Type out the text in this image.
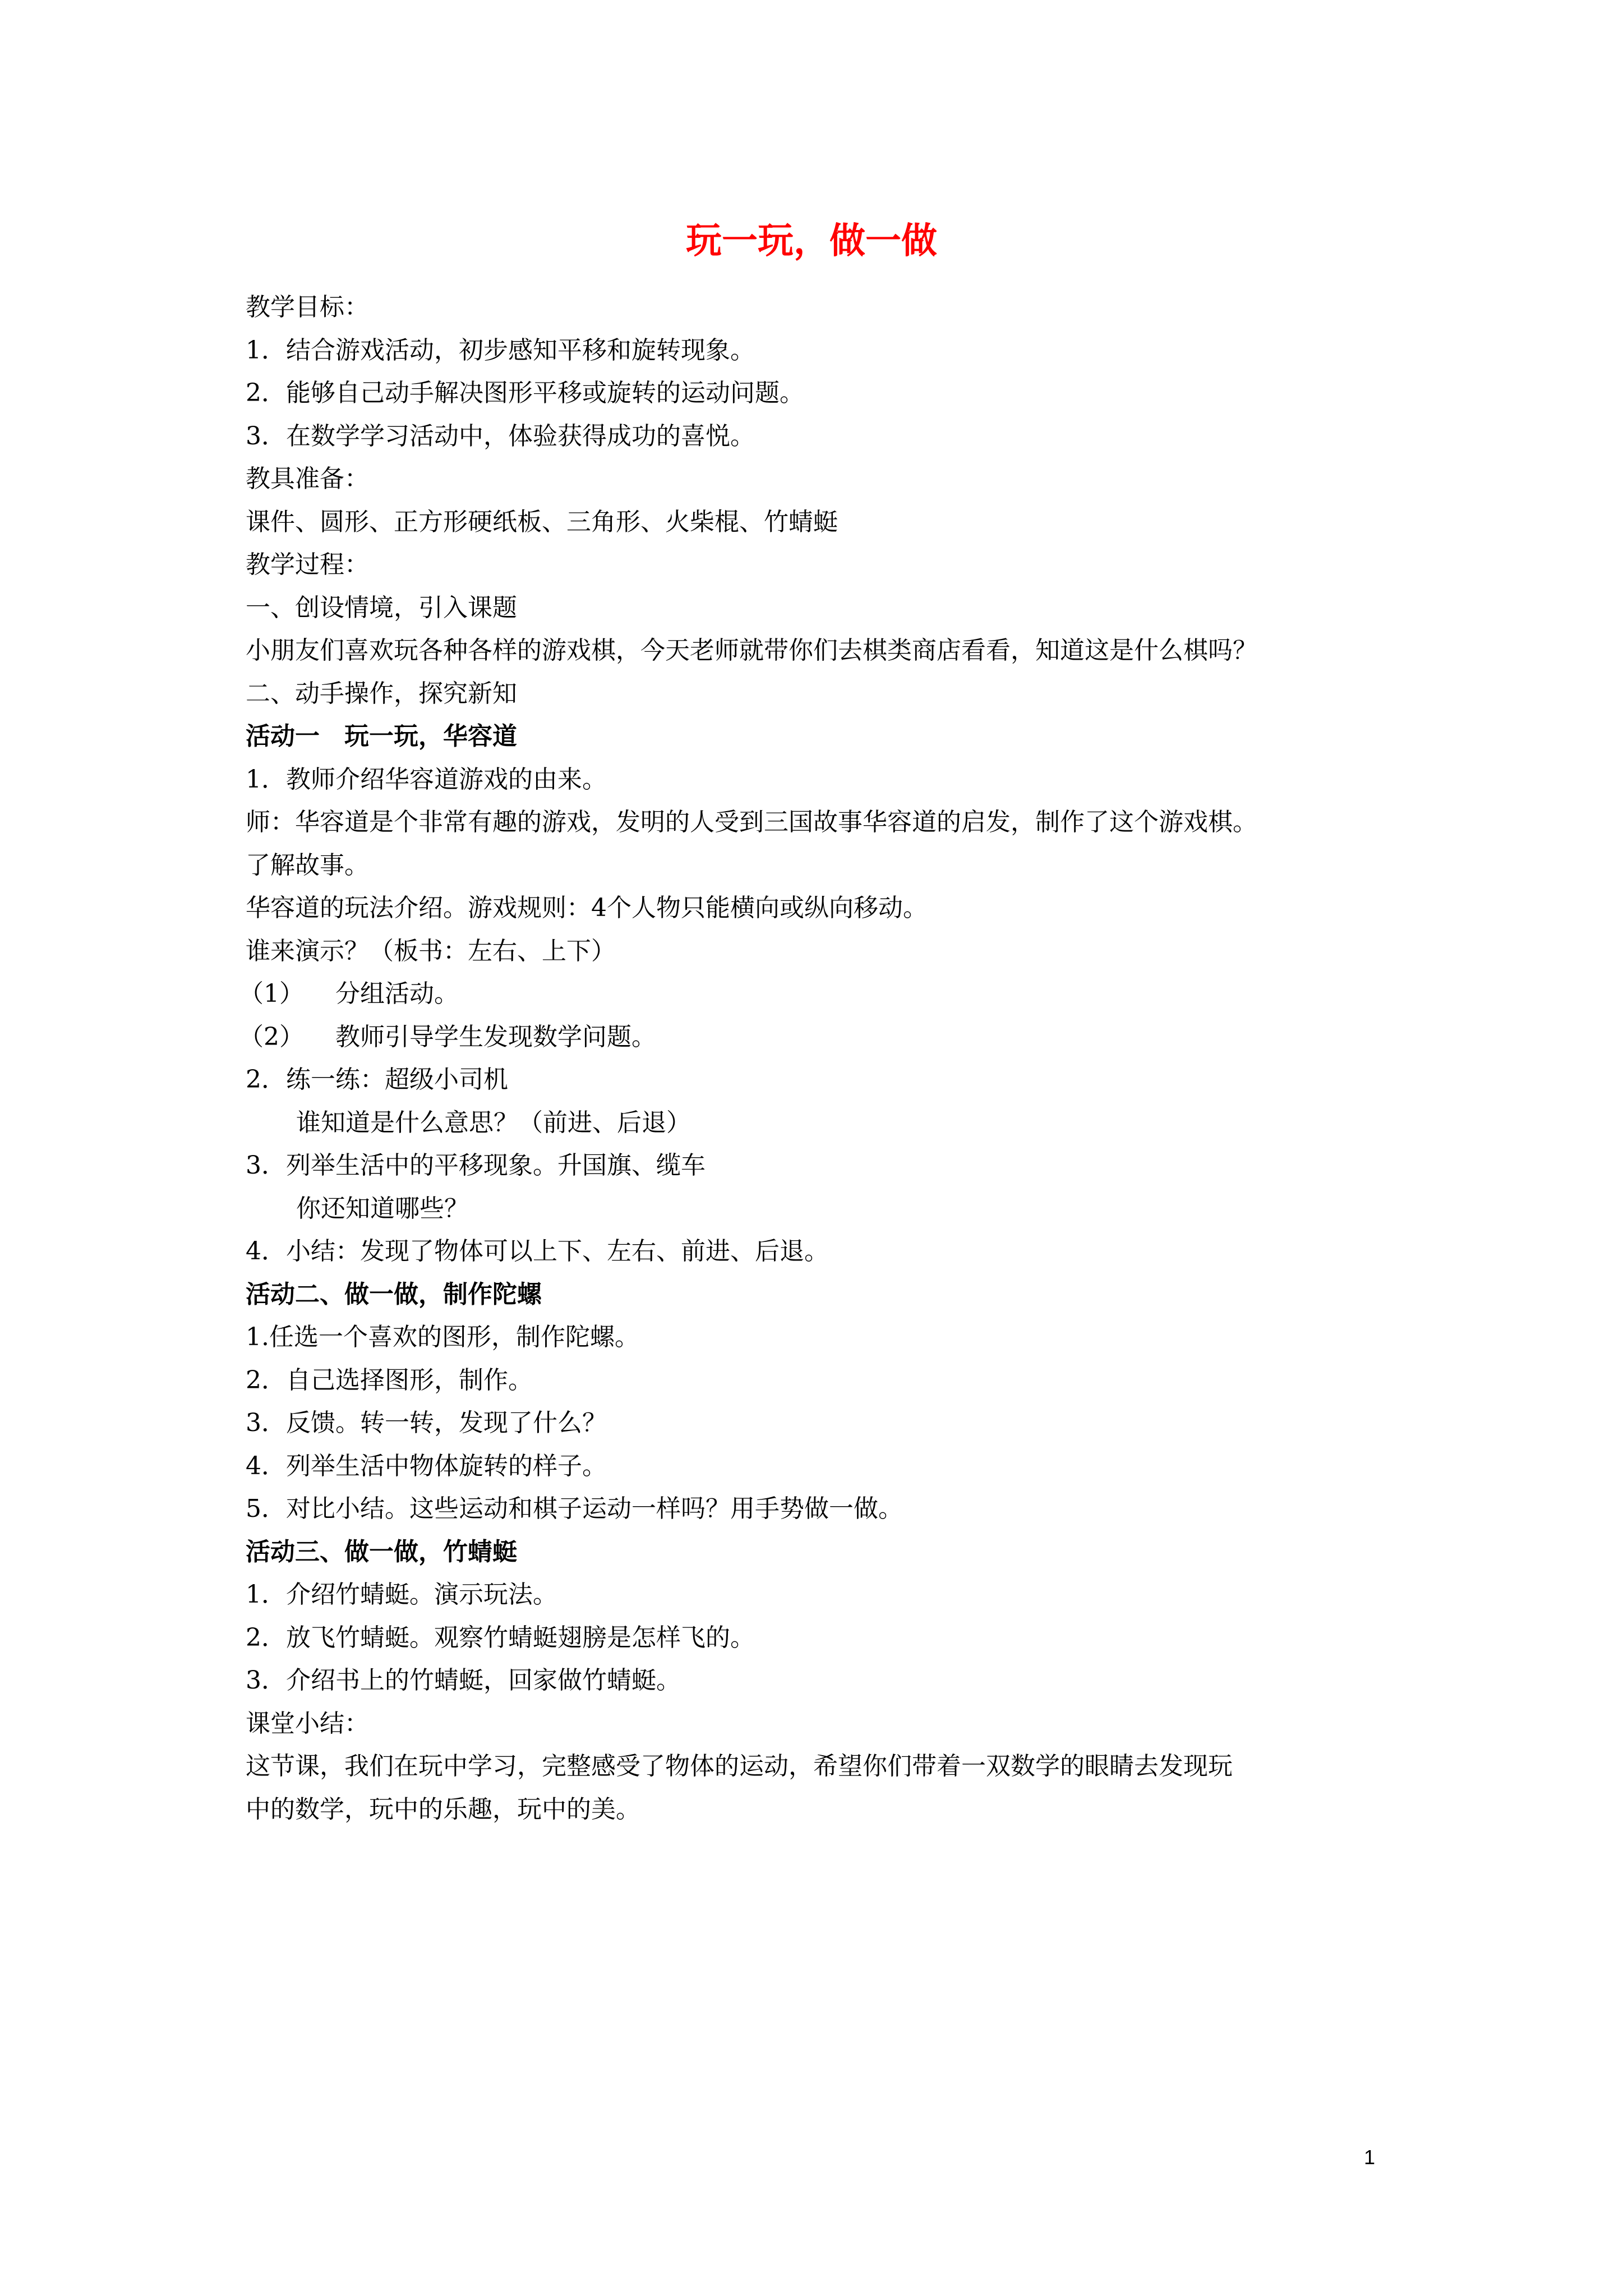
玩一玩，做一做

教学目标：

1．结合游戏活动，初步感知平移和旋转现象。

2．能够自己动手解决图形平移或旋转的运动问题。

3．在数学学习活动中，体验获得成功的喜悦。

教具准备：

课件、圆形、正方形硬纸板、三角形、火柴棍、竹蜻蜓

教学过程：

一、创设情境，引入课题

小朋友们喜欢玩各种各样的游戏棋，今天老师就带你们去棋类商店看看，知道这是什么棋吗？

二、动手操作，探究新知

活动一　玩一玩，华容道

1．教师介绍华容道游戏的由来。

师：华容道是个非常有趣的游戏，发明的人受到三国故事华容道的启发，制作了这个游戏棋。

了解故事。

华容道的玩法介绍。游戏规则：4个人物只能横向或纵向移动。

谁来演示？（板书：左右、上下）

（1） 分组活动。

（2） 教师引导学生发现数学问题。

2．练一练：超级小司机

谁知道是什么意思？（前进、后退）

3．列举生活中的平移现象。升国旗、缆车

你还知道哪些？

4．小结：发现了物体可以上下、左右、前进、后退。

活动二、做一做，制作陀螺

1.任选一个喜欢的图形，制作陀螺。

2．自己选择图形，制作。

3．反馈。转一转，发现了什么？

4．列举生活中物体旋转的样子。

5．对比小结。这些运动和棋子运动一样吗？用手势做一做。

活动三、做一做，竹蜻蜓

1．介绍竹蜻蜓。演示玩法。

2．放飞竹蜻蜓。观察竹蜻蜓翅膀是怎样飞的。

3．介绍书上的竹蜻蜓，回家做竹蜻蜓。

课堂小结：

这节课，我们在玩中学习，完整感受了物体的运动，希望你们带着一双数学的眼睛去发现玩

中的数学，玩中的乐趣，玩中的美。

1
